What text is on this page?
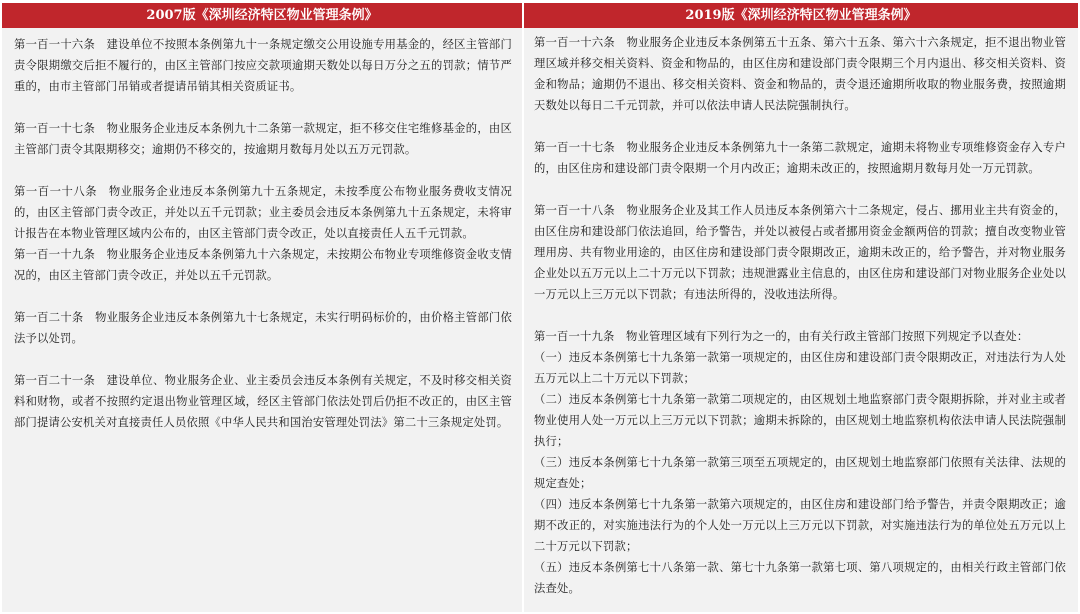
2007版《深圳经济特区物业管理条例》

第一百一十六条　建设单位不按照本条例第九十一条规定缴交公用设施专用基金的，经区主管部门责令限期缴交后拒不履行的，由区主管部门按应交款项逾期天数处以每日万分之五的罚款；情节严重的，由市主管部门吊销或者提请吊销其相关资质证书。

第一百一十七条　物业服务企业违反本条例九十二条第一款规定，拒不移交住宅维修基金的，由区主管部门责令其限期移交；逾期仍不移交的，按逾期月数每月处以五万元罚款。

第一百一十八条　物业服务企业违反本条例第九十五条规定，未按季度公布物业服务费收支情况的，由区主管部门责令改正，并处以五千元罚款；业主委员会违反本条例第九十五条规定，未将审计报告在本物业管理区域内公布的，由区主管部门责令改正，处以直接责任人五千元罚款。

第一百一十九条　物业服务企业违反本条例第九十六条规定，未按期公布物业专项维修资金收支情况的，由区主管部门责令改正，并处以五千元罚款。

第一百二十条　物业服务企业违反本条例第九十七条规定，未实行明码标价的，由价格主管部门依法予以处罚。

第一百二十一条　建设单位、物业服务企业、业主委员会违反本条例有关规定，不及时移交相关资料和财物，或者不按照约定退出物业管理区域，经区主管部门依法处罚后仍拒不改正的，由区主管部门提请公安机关对直接责任人员依照《中华人民共和国治安管理处罚法》第二十三条规定处罚。

2019版《深圳经济特区物业管理条例》

第一百一十六条　物业服务企业违反本条例第五十五条、第六十五条、第六十六条规定，拒不退出物业管理区域并移交相关资料、资金和物品的，由区住房和建设部门责令限期三个月内退出、移交相关资料、资金和物品；逾期仍不退出、移交相关资料、资金和物品的，责令退还逾期所收取的物业服务费，按照逾期天数处以每日二千元罚款，并可以依法申请人民法院强制执行。

第一百一十七条　物业服务企业违反本条例第九十一条第二款规定，逾期未将物业专项维修资金存入专户的，由区住房和建设部门责令限期一个月内改正；逾期未改正的，按照逾期月数每月处一万元罚款。

第一百一十八条　物业服务企业及其工作人员违反本条例第六十二条规定，侵占、挪用业主共有资金的，由区住房和建设部门依法追回，给予警告，并处以被侵占或者挪用资金金额两倍的罚款；擅自改变物业管理用房、共有物业用途的，由区住房和建设部门责令限期改正，逾期未改正的，给予警告，并对物业服务企业处以五万元以上二十万元以下罚款；违规泄露业主信息的，由区住房和建设部门对物业服务企业处以一万元以上三万元以下罚款；有违法所得的，没收违法所得。

第一百一十九条　物业管理区域有下列行为之一的，由有关行政主管部门按照下列规定予以查处：

（一）违反本条例第七十九条第一款第一项规定的，由区住房和建设部门责令限期改正，对违法行为人处五万元以上二十万元以下罚款；

（二）违反本条例第七十九条第一款第二项规定的，由区规划土地监察部门责令限期拆除，并对业主或者物业使用人处一万元以上三万元以下罚款；逾期未拆除的，由区规划土地监察机构依法申请人民法院强制执行；

（三）违反本条例第七十九条第一款第三项至五项规定的，由区规划土地监察部门依照有关法律、法规的规定查处；

（四）违反本条例第七十九条第一款第六项规定的，由区住房和建设部门给予警告，并责令限期改正；逾期不改正的，对实施违法行为的个人处一万元以上三万元以下罚款，对实施违法行为的单位处五万元以上二十万元以下罚款；

（五）违反本条例第七十八条第一款、第七十九条第一款第七项、第八项规定的，由相关行政主管部门依法查处。
